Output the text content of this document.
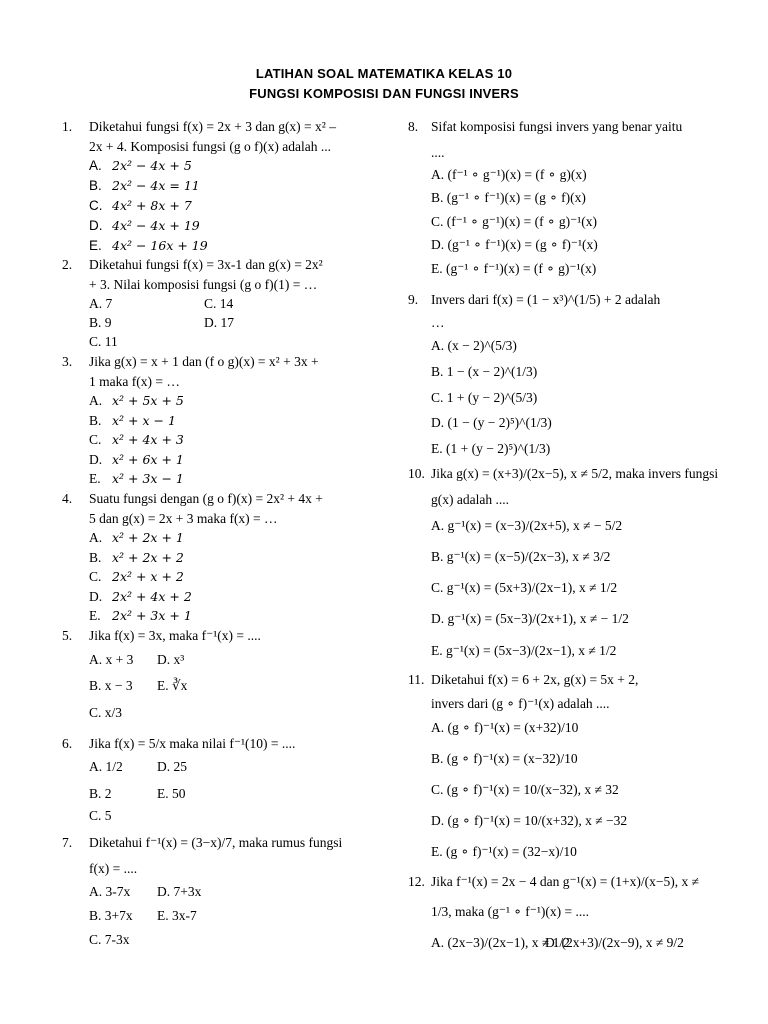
LATIHAN SOAL MATEMATIKA KELAS 10
FUNGSI KOMPOSISI DAN FUNGSI INVERS
1. Diketahui fungsi f(x) = 2x + 3 dan g(x) = x² –
2x + 4. Komposisi fungsi (g o f)(x) adalah ...
A. 2x² − 4x + 5
B. 2x² − 4x = 11
C. 4x² + 8x + 7
D. 4x² − 4x + 19
E. 4x² − 16x + 19
2. Diketahui fungsi f(x) = 3x-1 dan g(x) = 2x²
+ 3. Nilai komposisi fungsi (g o f)(1) = …
A. 7	C. 14
B. 9	D. 17
C. 11
3. Jika g(x) = x + 1 dan (f o g)(x) = x² + 3x +
1 maka f(x) = …
A. x² + 5x + 5
B. x² + x − 1
C. x² + 4x + 3
D. x² + 6x + 1
E. x² + 3x − 1
4. Suatu fungsi dengan (g o f)(x) = 2x² + 4x +
5 dan g(x) = 2x + 3 maka f(x) = …
A. x² + 2x + 1
B. x² + 2x + 2
C. 2x² + x + 2
D. 2x² + 4x + 2
E. 2x² + 3x + 1
5. Jika f(x) = 3x, maka f⁻¹(x) = ....
A. x + 3 D. x³
B. x − 3 E. ∛x
C. x/3
6. Jika f(x) = 5/x maka nilai f⁻¹(10) = ....
A. 1/2	D. 25
B. 2	E. 50
C. 5
7. Diketahui f⁻¹(x) = (3−x)/7, maka rumus fungsi
f(x) = ....
A. 3-7x D. 7+3x
B. 3+7x E. 3x-7
C. 7-3x
8. Sifat komposisi fungsi invers yang benar yaitu
....
A. (f⁻¹ ∘ g⁻¹)(x) = (f ∘ g)(x)
B. (g⁻¹ ∘ f⁻¹)(x) = (g ∘ f)(x)
C. (f⁻¹ ∘ g⁻¹)(x) = (f ∘ g)⁻¹(x)
D. (g⁻¹ ∘ f⁻¹)(x) = (g ∘ f)⁻¹(x)
E. (g⁻¹ ∘ f⁻¹)(x) = (f ∘ g)⁻¹(x)
9. Invers dari f(x) = (1 − x³)^(1/5) + 2 adalah
…
A. (x − 2)^(5/3)
B. 1 − (x − 2)^(1/3)
C. 1 + (y − 2)^(5/3)
D. (1 − (y − 2)⁵)^(1/3)
E. (1 + (y − 2)⁵)^(1/3)
10. Jika g(x) = (x+3)/(2x−5), x ≠ 5/2, maka invers fungsi
g(x) adalah ....
A. g⁻¹(x) = (x−3)/(2x+5), x ≠ − 5/2
B. g⁻¹(x) = (x−5)/(2x−3), x ≠ 3/2
C. g⁻¹(x) = (5x+3)/(2x−1), x ≠ 1/2
D. g⁻¹(x) = (5x−3)/(2x+1), x ≠ − 1/2
E. g⁻¹(x) = (5x−3)/(2x−1), x ≠ 1/2
11. Diketahui f(x) = 6 + 2x, g(x) = 5x + 2,
invers dari (g ∘ f)⁻¹(x) adalah ....
A. (g ∘ f)⁻¹(x) = (x+32)/10
B. (g ∘ f)⁻¹(x) = (x−32)/10
C. (g ∘ f)⁻¹(x) = 10/(x−32), x ≠ 32
D. (g ∘ f)⁻¹(x) = 10/(x+32), x ≠ −32
E. (g ∘ f)⁻¹(x) = (32−x)/10
12. Jika f⁻¹(x) = 2x − 4 dan g⁻¹(x) = (1+x)/(x−5), x ≠
1/3, maka (g⁻¹ ∘ f⁻¹)(x) = ....
A. (2x−3)/(2x−1), x ≠ 1/2
D. (2x+3)/(2x−9), x ≠ 9/2
